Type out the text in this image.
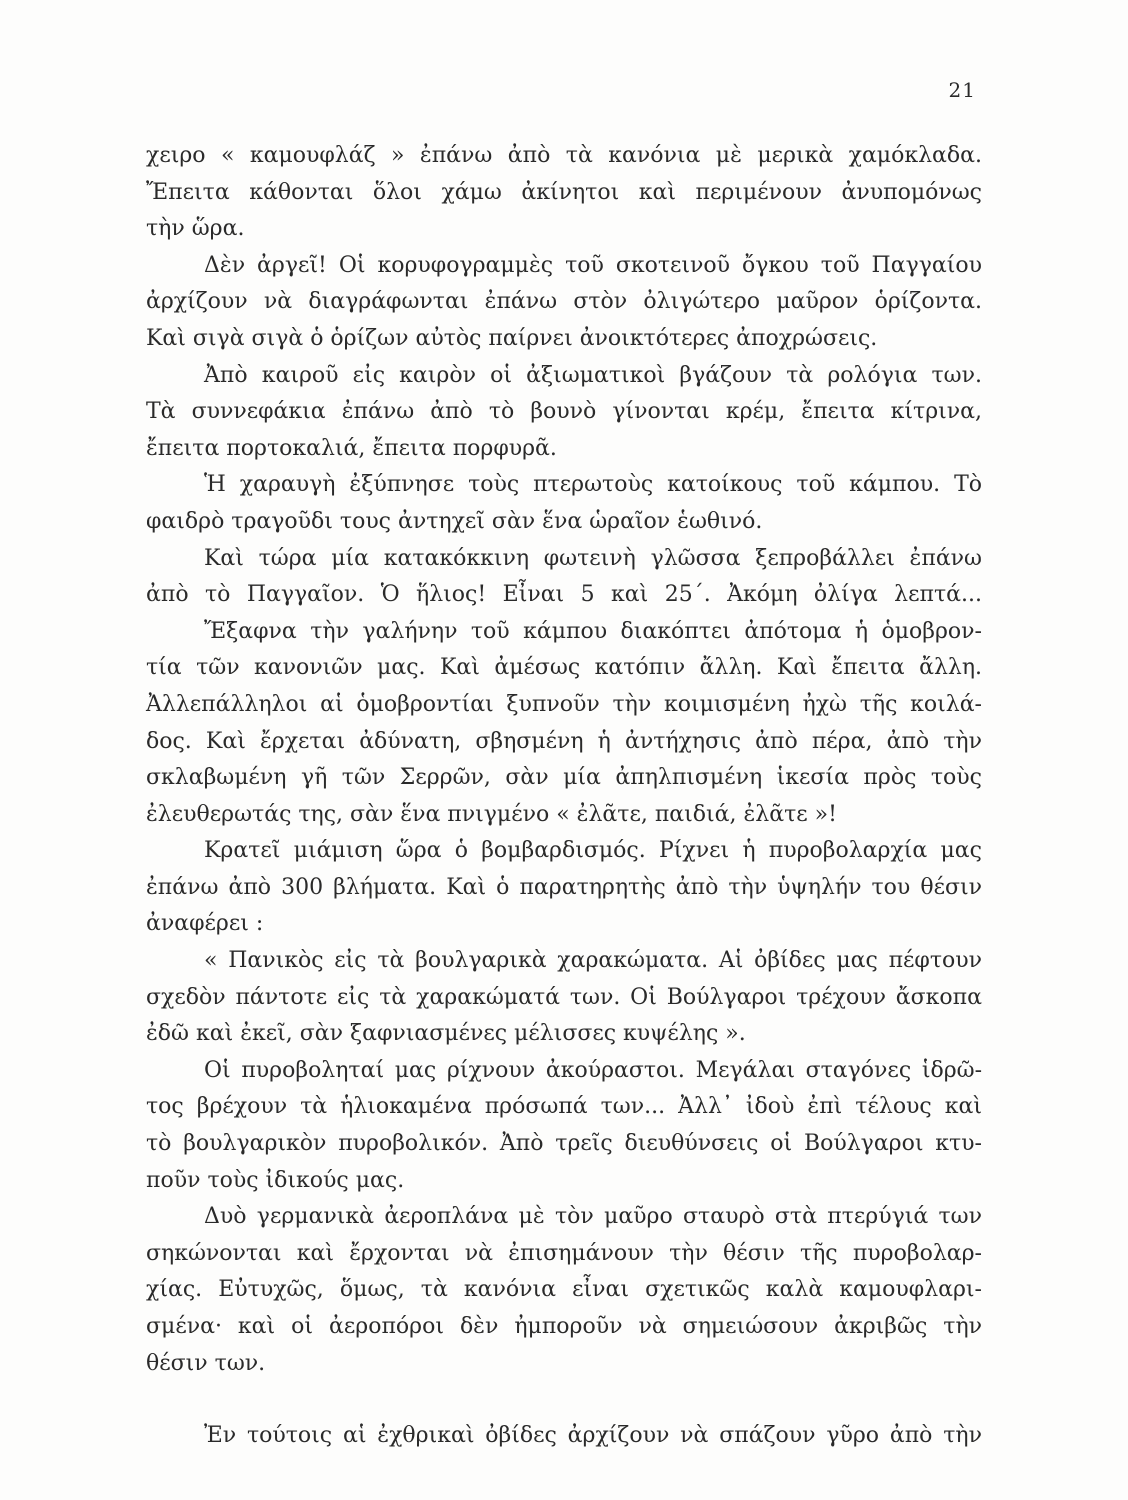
21
χειρο « καμουφλάζ » ἐπάνω ἀπὸ τὰ κανόνια μὲ μερικὰ χαμόκλαδα.
Ἔπειτα κάθονται ὅλοι χάμω ἀκίνητοι καὶ περιμένουν ἀνυπομόνως
τὴν ὥρα.
Δὲν ἀργεῖ! Οἱ κορυφογραμμὲς τοῦ σκοτεινοῦ ὄγκου τοῦ Παγγαίου
ἀρχίζουν νὰ διαγράφωνται ἐπάνω στὸν ὀλιγώτερο μαῦρον ὁρίζοντα.
Καὶ σιγὰ σιγὰ ὁ ὁρίζων αὐτὸς παίρνει ἀνοικτότερες ἀποχρώσεις.
Ἀπὸ καιροῦ εἰς καιρὸν οἱ ἀξιωματικοὶ βγάζουν τὰ ρολόγια των.
Τὰ συννεφάκια ἐπάνω ἀπὸ τὸ βουνὸ γίνονται κρέμ, ἔπειτα κίτρινα,
ἔπειτα πορτοκαλιά, ἔπειτα πορφυρᾶ.
Ἡ χαραυγὴ ἐξύπνησε τοὺς πτερωτοὺς κατοίκους τοῦ κάμπου. Τὸ
φαιδρὸ τραγοῦδι τους ἀντηχεῖ σὰν ἕνα ὡραῖον ἑωθινό.
Καὶ τώρα μία κατακόκκινη φωτεινὴ γλῶσσα ξεπροβάλλει ἐπάνω
ἀπὸ τὸ Παγγαῖον. Ὁ ἥλιος! Εἶναι 5 καὶ 25΄. Ἀκόμη ὀλίγα λεπτά...
Ἔξαφνα τὴν γαλήνην τοῦ κάμπου διακόπτει ἀπότομα ἡ ὁμοβρον-
τία τῶν κανονιῶν μας. Καὶ ἀμέσως κατόπιν ἄλλη. Καὶ ἔπειτα ἄλλη.
Ἀλλεπάλληλοι αἱ ὁμοβροντίαι ξυπνοῦν τὴν κοιμισμένη ἠχὼ τῆς κοιλά-
δος. Καὶ ἔρχεται ἀδύνατη, σβησμένη ἡ ἀντήχησις ἀπὸ πέρα, ἀπὸ τὴν
σκλαβωμένη γῆ τῶν Σερρῶν, σὰν μία ἀπηλπισμένη ἱκεσία πρὸς τοὺς
ἐλευθερωτάς της, σὰν ἕνα πνιγμένο « ἐλᾶτε, παιδιά, ἐλᾶτε »!
Κρατεῖ μιάμιση ὥρα ὁ βομβαρδισμός. Ρίχνει ἡ πυροβολαρχία μας
ἐπάνω ἀπὸ 300 βλήματα. Καὶ ὁ παρατηρητὴς ἀπὸ τὴν ὑψηλήν του θέσιν
ἀναφέρει :
« Πανικὸς εἰς τὰ βουλγαρικὰ χαρακώματα. Αἱ ὀβίδες μας πέφτουν
σχεδὸν πάντοτε εἰς τὰ χαρακώματά των. Οἱ Βούλγαροι τρέχουν ἄσκοπα
ἐδῶ καὶ ἐκεῖ, σὰν ξαφνιασμένες μέλισσες κυψέλης ».
Οἱ πυροβοληταί μας ρίχνουν ἀκούραστοι. Μεγάλαι σταγόνες ἱδρῶ-
τος βρέχουν τὰ ἡλιοκαμένα πρόσωπά των... Ἀλλ᾽ ἰδοὺ ἐπὶ τέλους καὶ
τὸ βουλγαρικὸν πυροβολικόν. Ἀπὸ τρεῖς διευθύνσεις οἱ Βούλγαροι κτυ-
ποῦν τοὺς ἰδικούς μας.
Δυὸ γερμανικὰ ἀεροπλάνα μὲ τὸν μαῦρο σταυρὸ στὰ πτερύγιά των
σηκώνονται καὶ ἔρχονται νὰ ἐπισημάνουν τὴν θέσιν τῆς πυροβολαρ-
χίας. Εὐτυχῶς, ὅμως, τὰ κανόνια εἶναι σχετικῶς καλὰ καμουφλαρι-
σμένα· καὶ οἱ ἀεροπόροι δὲν ἠμποροῦν νὰ σημειώσουν ἀκριβῶς τὴν
θέσιν των.
Ἐν τούτοις αἱ ἐχθρικαὶ ὀβίδες ἀρχίζουν νὰ σπάζουν γῦρο ἀπὸ τὴν
